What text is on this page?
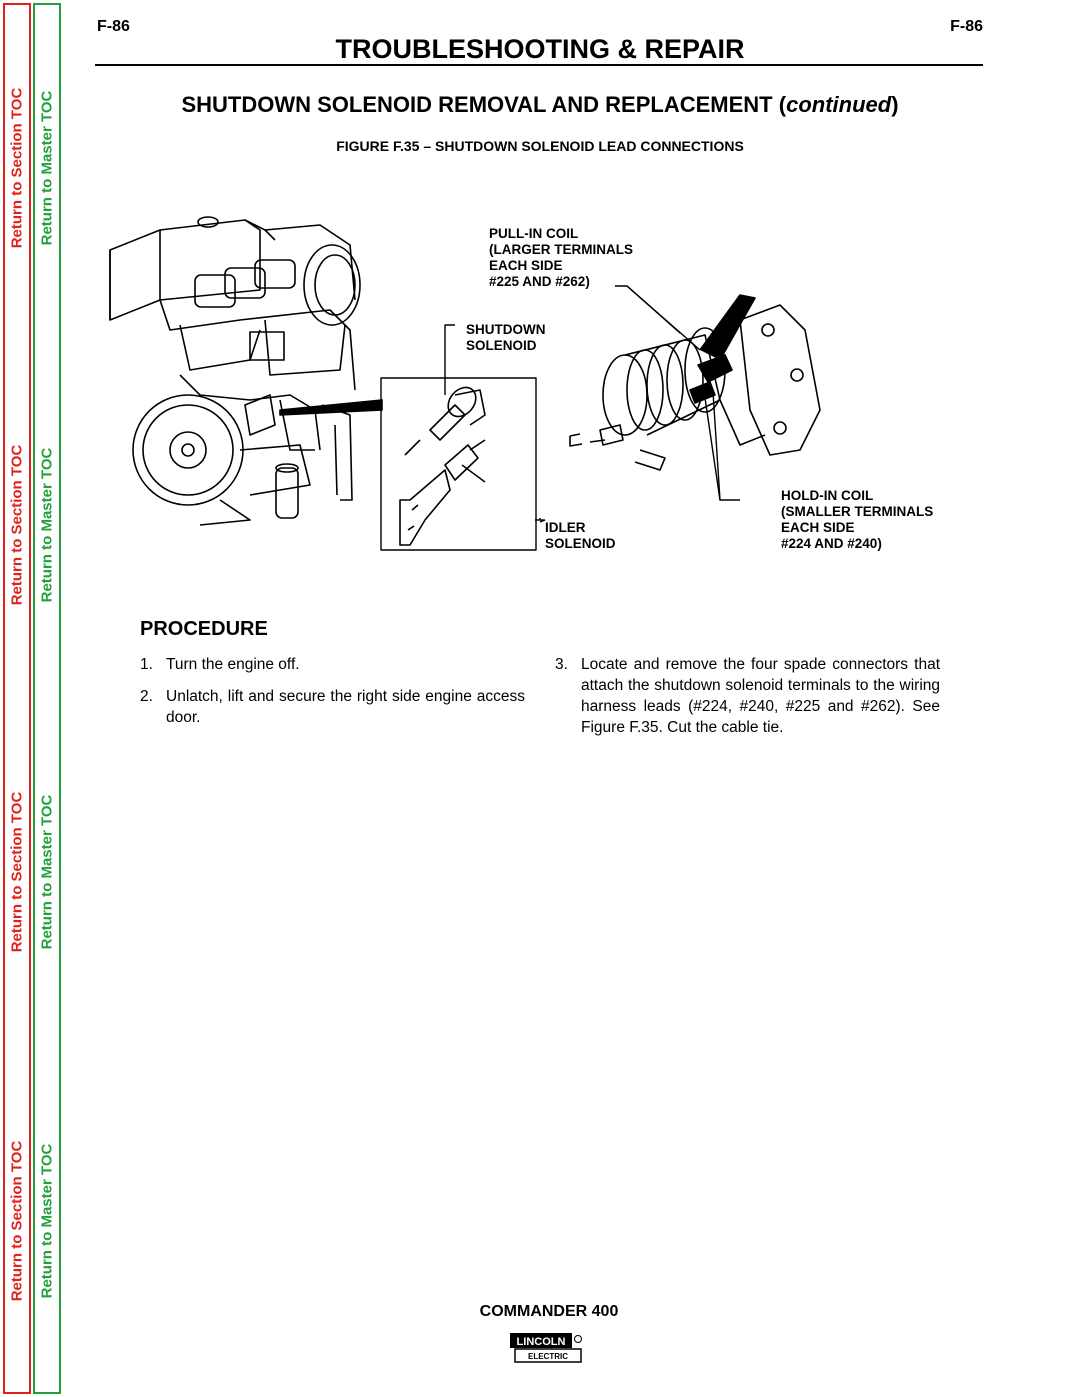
Return to Section TOC
Return to Section TOC
Return to Section TOC
Return to Section TOC
Return to Master TOC
Return to Master TOC
Return to Master TOC
Return to Master TOC
F-86	F-86
TROUBLESHOOTING & REPAIR
SHUTDOWN SOLENOID REMOVAL AND REPLACEMENT (continued)
FIGURE F.35 – SHUTDOWN SOLENOID LEAD CONNECTIONS
PULL-IN COIL
(LARGER TERMINALS
EACH SIDE
#225 AND #262)
SHUTDOWN
SOLENOID
HOLD-IN COIL
(SMALLER TERMINALS
EACH SIDE
#224 AND #240)
IDLER
SOLENOID
PROCEDURE
1. Turn the engine off.
2. Unlatch, lift and secure the right side engine access door.
3. Locate and remove the four spade connectors that attach the shutdown solenoid terminals to the wiring harness leads (#224, #240, #225 and #262). See Figure F.35. Cut the cable tie.
COMMANDER 400
LINCOLN
ELECTRIC
